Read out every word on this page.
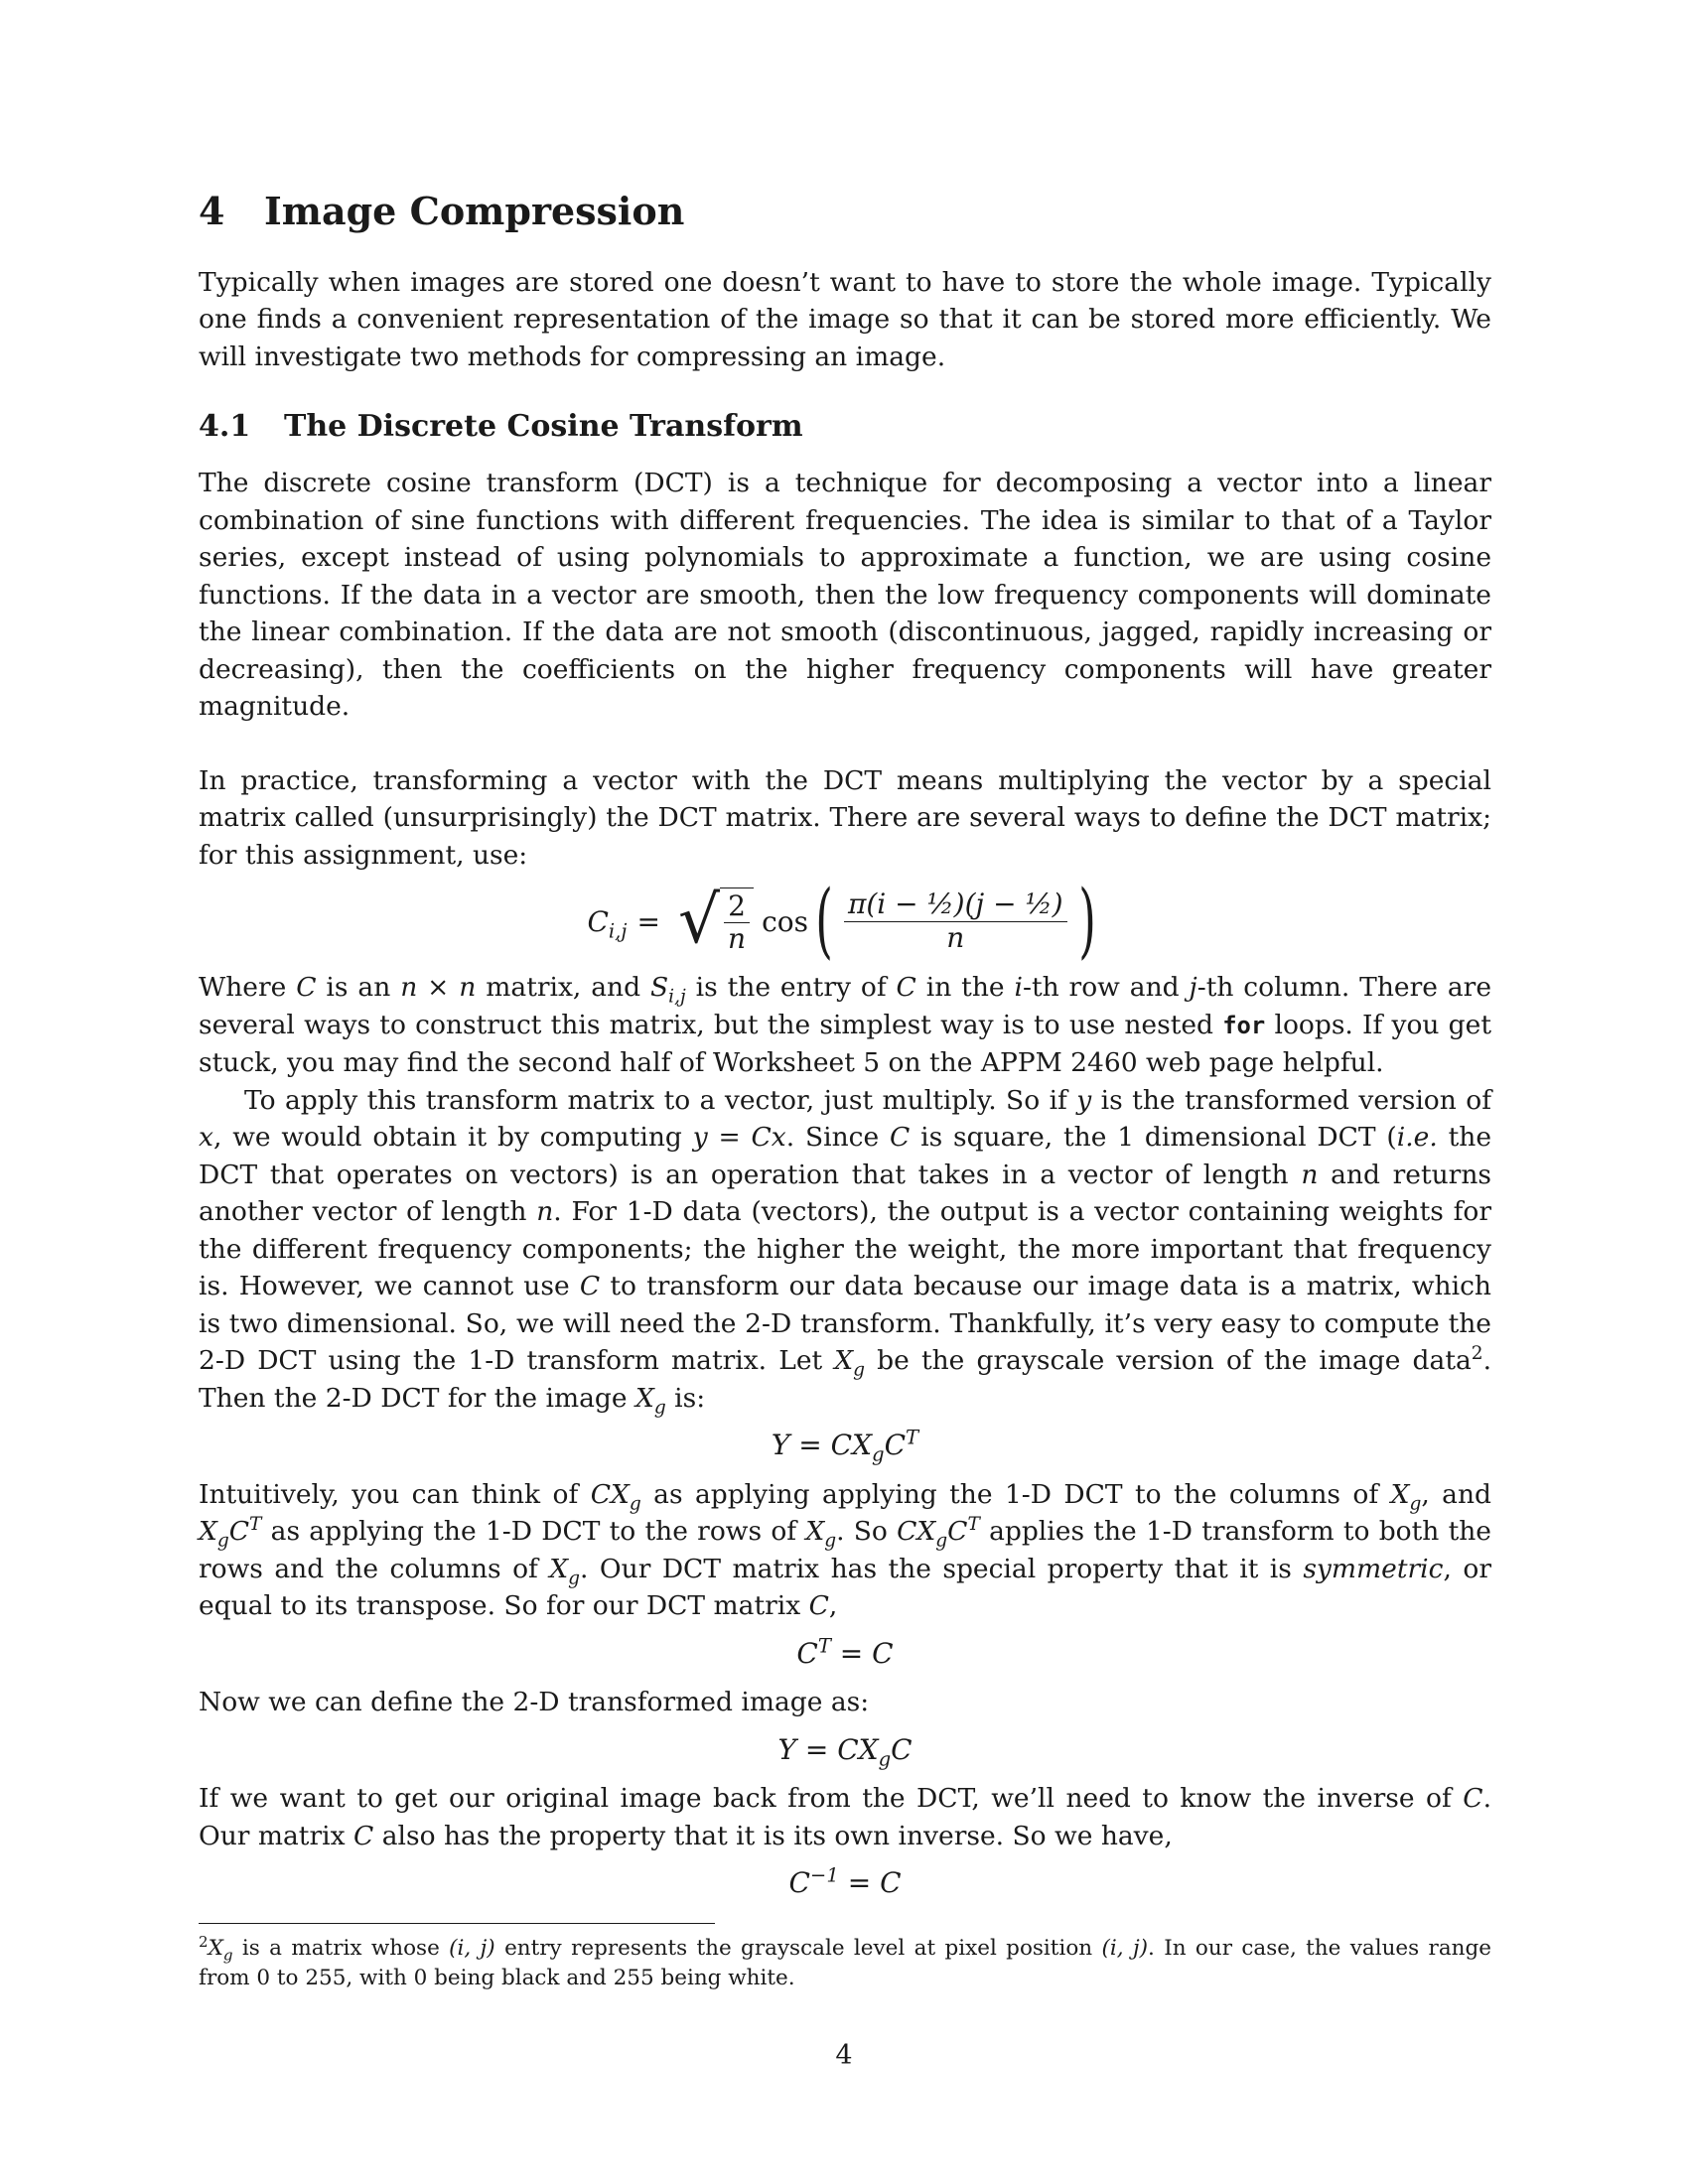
4 Image Compression

Typically when images are stored one doesn’t want to have to store the whole image. Typically one finds a convenient representation of the image so that it can be stored more efficiently. We will investigate two methods for compressing an image.

4.1 The Discrete Cosine Transform

The discrete cosine transform (DCT) is a technique for decomposing a vector into a linear combination of sine functions with different frequencies. The idea is similar to that of a Taylor series, except instead of using polynomials to approximate a function, we are using cosine functions. If the data in a vector are smooth, then the low frequency components will dominate the linear combination. If the data are not smooth (discontinuous, jagged, rapidly increasing or decreasing), then the coefficients on the higher frequency components will have greater magnitude.

In practice, transforming a vector with the DCT means multiplying the vector by a special matrix called (unsurprisingly) the DCT matrix. There are several ways to define the DCT matrix; for this assignment, use:

$C_{i,j}$ = √ $\frac{2}{n}$ cos ( $\frac{\text{π(i − ½)(j − ½)}}{n}$ )

Where C is an n × n matrix, and $S_{i,j}$ is the entry of C in the i-th row and j-th column. There are several ways to construct this matrix, but the simplest way is to use nested for loops. If you get stuck, you may find the second half of Worksheet 5 on the APPM 2460 web page helpful.

To apply this transform matrix to a vector, just multiply. So if y is the transformed version of x, we would obtain it by computing y = Cx. Since C is square, the 1 dimensional DCT (i.e. the DCT that operates on vectors) is an operation that takes in a vector of length n and returns another vector of length n. For 1-D data (vectors), the output is a vector containing weights for the different frequency components; the higher the weight, the more important that frequency is. However, we cannot use C to transform our data because our image data is a matrix, which is two dimensional. So, we will need the 2-D transform. Thankfully, it’s very easy to compute the 2-D DCT using the 1-D transform matrix. Let $X_g$ be the grayscale version of the image data$^2$. Then the 2-D DCT for the image $X_g$ is:

$Y = CX_gC^T$

Intuitively, you can think of $CX_g$ as applying applying the 1-D DCT to the columns of $X_g$, and $X_gC^T$ as applying the 1-D DCT to the rows of $X_g$. So $CX_gC^T$ applies the 1-D transform to both the rows and the columns of $X_g$. Our DCT matrix has the special property that it is symmetric, or equal to its transpose. So for our DCT matrix C,

$C^T = C$

Now we can define the 2-D transformed image as:

$Y = CX_gC$

If we want to get our original image back from the DCT, we’ll need to know the inverse of C. Our matrix C also has the property that it is its own inverse. So we have,

$C^{-1} = C$
$^2X_g$ is a matrix whose (i, j) entry represents the grayscale level at pixel position (i, j). In our case, the values range from 0 to 255, with 0 being black and 255 being white.
4
